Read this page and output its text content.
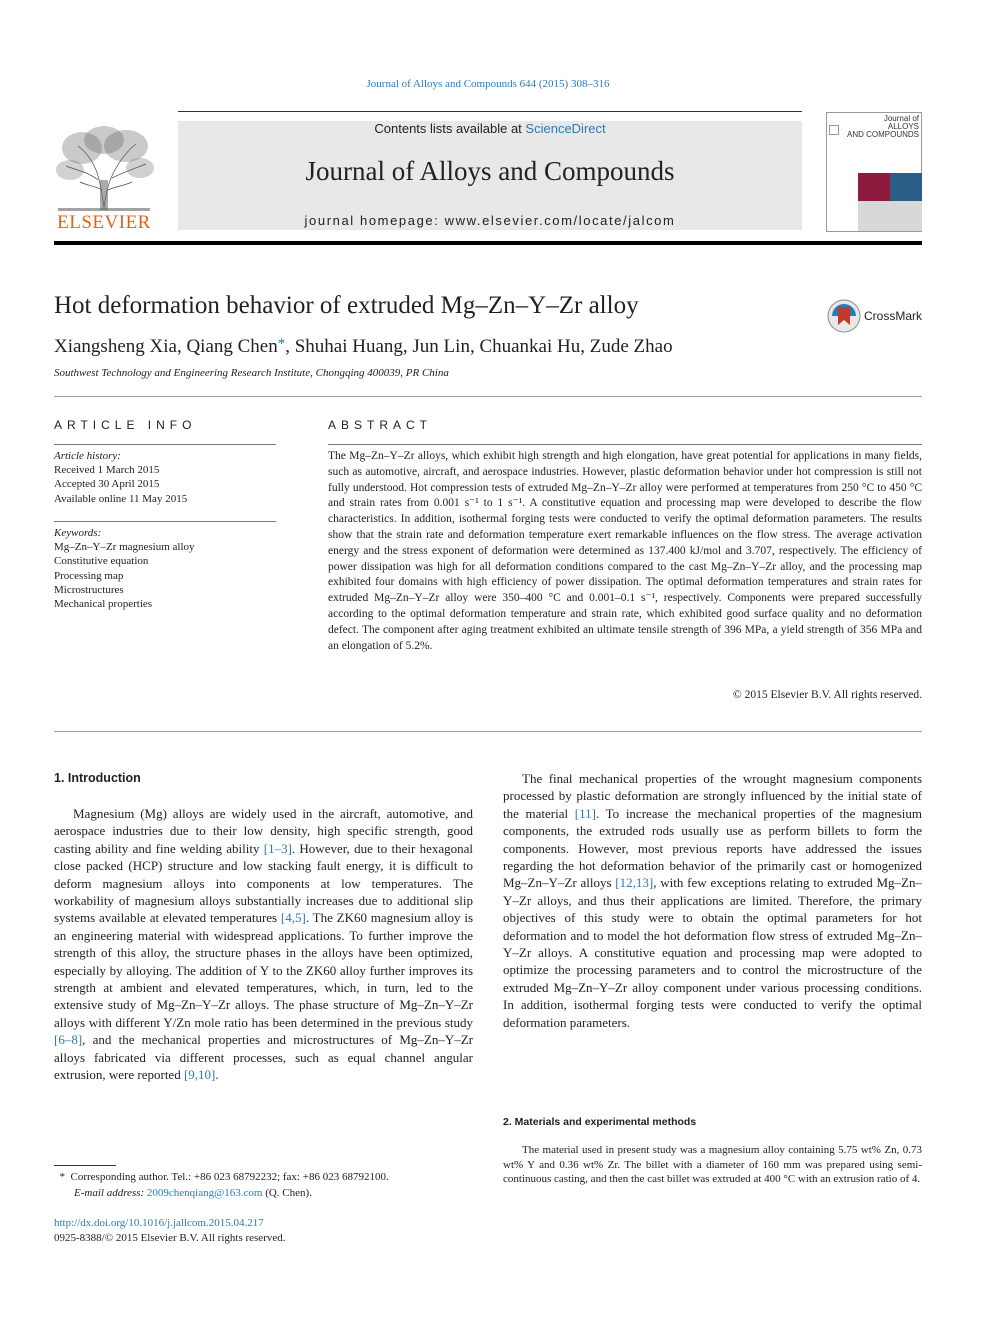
Journal of Alloys and Compounds 644 (2015) 308–316
ELSEVIER
Contents lists available at ScienceDirect
Journal of Alloys and Compounds
journal homepage: www.elsevier.com/locate/jalcom
Journal of
ALLOYS
AND COMPOUNDS
Hot deformation behavior of extruded Mg–Zn–Y–Zr alloy	CrossMark
Xiangsheng Xia, Qiang Chen*, Shuhai Huang, Jun Lin, Chuankai Hu, Zude Zhao
Southwest Technology and Engineering Research Institute, Chongqing 400039, PR China
ARTICLE INFO
Article history:
Received 1 March 2015
Accepted 30 April 2015
Available online 11 May 2015
Keywords:
Mg–Zn–Y–Zr magnesium alloy
Constitutive equation
Processing map
Microstructures
Mechanical properties
ABSTRACT
The Mg–Zn–Y–Zr alloys, which exhibit high strength and high elongation, have great potential for applications in many fields, such as automotive, aircraft, and aerospace industries. However, plastic deformation behavior under hot compression is still not fully understood. Hot compression tests of extruded Mg–Zn–Y–Zr alloy were performed at temperatures from 250 °C to 450 °C and strain rates from 0.001 s⁻¹ to 1 s⁻¹. A constitutive equation and processing map were developed to describe the flow characteristics. In addition, isothermal forging tests were conducted to verify the optimal deformation parameters. The results show that the strain rate and deformation temperature exert remarkable influences on the flow stress. The average activation energy and the stress exponent of deformation were determined as 137.400 kJ/mol and 3.707, respectively. The efficiency of power dissipation was high for all deformation conditions compared to the cast Mg–Zn–Y–Zr alloy, and the processing map exhibited four domains with high efficiency of power dissipation. The optimal deformation temperatures and strain rates for extruded Mg–Zn–Y–Zr alloy were 350–400 °C and 0.001–0.1 s⁻¹, respectively. Components were prepared successfully according to the optimal deformation temperature and strain rate, which exhibited good surface quality and no deformation defect. The component after aging treatment exhibited an ultimate tensile strength of 396 MPa, a yield strength of 356 MPa and an elongation of 5.2%.
© 2015 Elsevier B.V. All rights reserved.
1. Introduction

Magnesium (Mg) alloys are widely used in the aircraft, automotive, and aerospace industries due to their low density, high specific strength, good casting ability and fine welding ability [1–3]. However, due to their hexagonal close packed (HCP) structure and low stacking fault energy, it is difficult to deform magnesium alloys into components at low temperatures. The workability of magnesium alloys substantially increases due to additional slip systems available at elevated temperatures [4,5]. The ZK60 magnesium alloy is an engineering material with widespread applications. To further improve the strength of this alloy, the structure phases in the alloys have been optimized, especially by alloying. The addition of Y to the ZK60 alloy further improves its strength at ambient and elevated temperatures, which, in turn, led to the extensive study of Mg–Zn–Y–Zr alloys. The phase structure of Mg–Zn–Y–Zr alloys with different Y/Zn mole ratio has been determined in the previous study [6–8], and the mechanical properties and microstructures of Mg–Zn–Y–Zr alloys fabricated via different processes, such as equal channel angular extrusion, were reported [9,10].

The final mechanical properties of the wrought magnesium components processed by plastic deformation are strongly influenced by the initial state of the material [11]. To increase the mechanical properties of the magnesium components, the extruded rods usually use as perform billets to form the components. However, most previous reports have addressed the issues regarding the hot deformation behavior of the primarily cast or homogenized Mg–Zn–Y–Zr alloys [12,13], with few exceptions relating to extruded Mg–Zn–Y–Zr alloys, and thus their applications are limited. Therefore, the primary objectives of this study were to obtain the optimal parameters for hot deformation and to model the hot deformation flow stress of extruded Mg–Zn–Y–Zr alloys. A constitutive equation and processing map were adopted to optimize the processing parameters and to control the microstructure of the extruded Mg–Zn–Y–Zr alloy component under various processing conditions. In addition, isothermal forging tests were conducted to verify the optimal deformation parameters.

2. Materials and experimental methods

The material used in present study was a magnesium alloy containing 5.75 wt% Zn, 0.73 wt% Y and 0.36 wt% Zr. The billet with a diameter of 160 mm was prepared using semi-continuous casting, and then the cast billet was extruded at 400 °C with an extrusion ratio of 4.

* Corresponding author. Tel.: +86 023 68792232; fax: +86 023 68792100.
E-mail address: 2009chenqiang@163.com (Q. Chen).
http://dx.doi.org/10.1016/j.jallcom.2015.04.217
0925-8388/© 2015 Elsevier B.V. All rights reserved.
